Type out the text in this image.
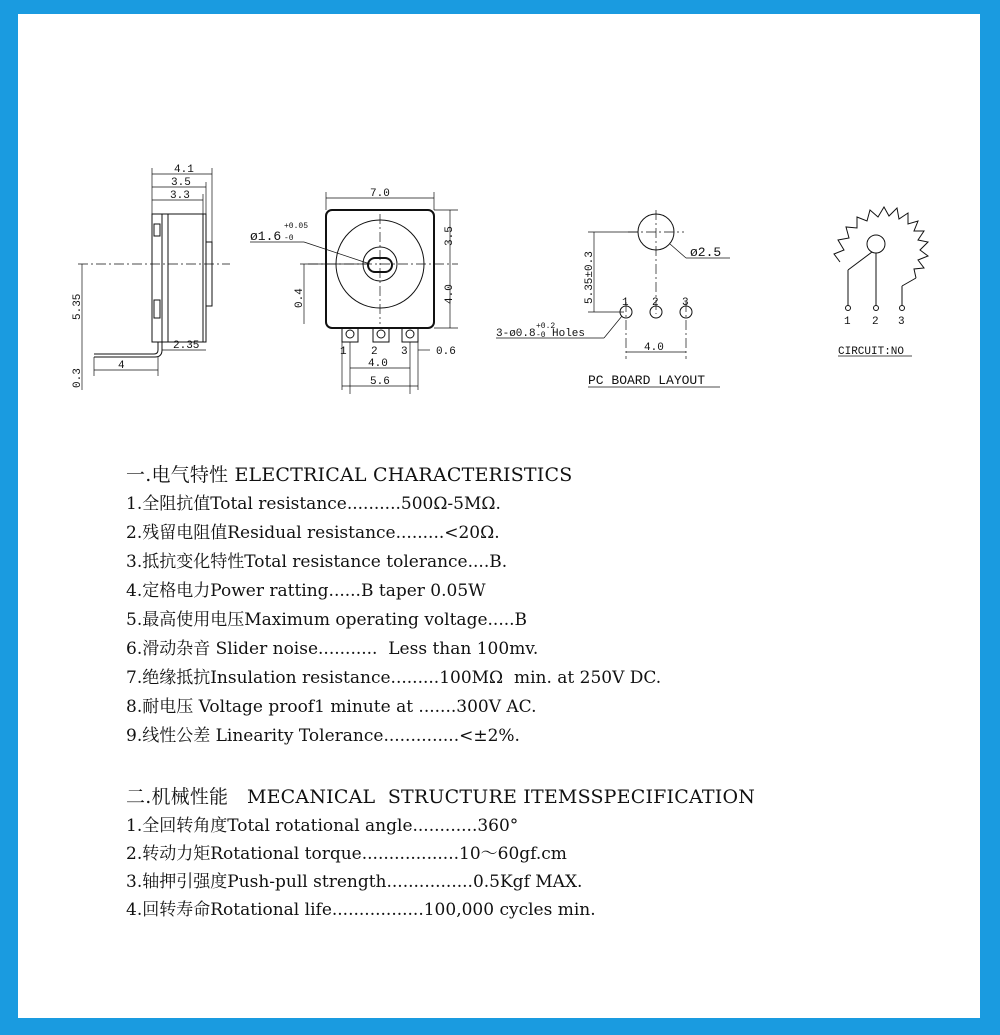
4.1
3.5
3.3
5.35
0.3
4
2.35	1 2 3
7.0
ø1.6
+0.05
-0	3.5
4.0
0.4
4.0
0.6
5.6
ø2.5
5.35±0.3 1 2 3
3-ø0.8
+0.2
-0 Holes
4.0
PC BOARD LAYOUT
1 2 3
CIRCUIT:NO
一.电气特性 ELECTRICAL CHARACTERISTICS
1.全阻抗值Total resistance..........500Ω-5MΩ.
2.残留电阻值Residual resistance.........<20Ω.
3.抵抗变化特性Total resistance tolerance....B.
4.定格电力Power ratting......B taper 0.05W
5.最高使用电压Maximum operating voltage.....B
6.滑动杂音 Slider noise...........  Less than 100mv.
7.绝缘抵抗Insulation resistance.........100MΩ  min. at 250V DC.
8.耐电压 Voltage proof1 minute at .......300V AC.
9.线性公差 Linearity Tolerance..............<±2%.
二.机械性能   MECANICAL  STRUCTURE ITEMSSPECIFICATION
1.全回转角度Total rotational angle............360°
2.转动力矩Rotational torque..................10～60gf.cm
3.轴押引强度Push-pull strength................0.5Kgf MAX.
4.回转寿命Rotational life.................100,000 cycles min.
